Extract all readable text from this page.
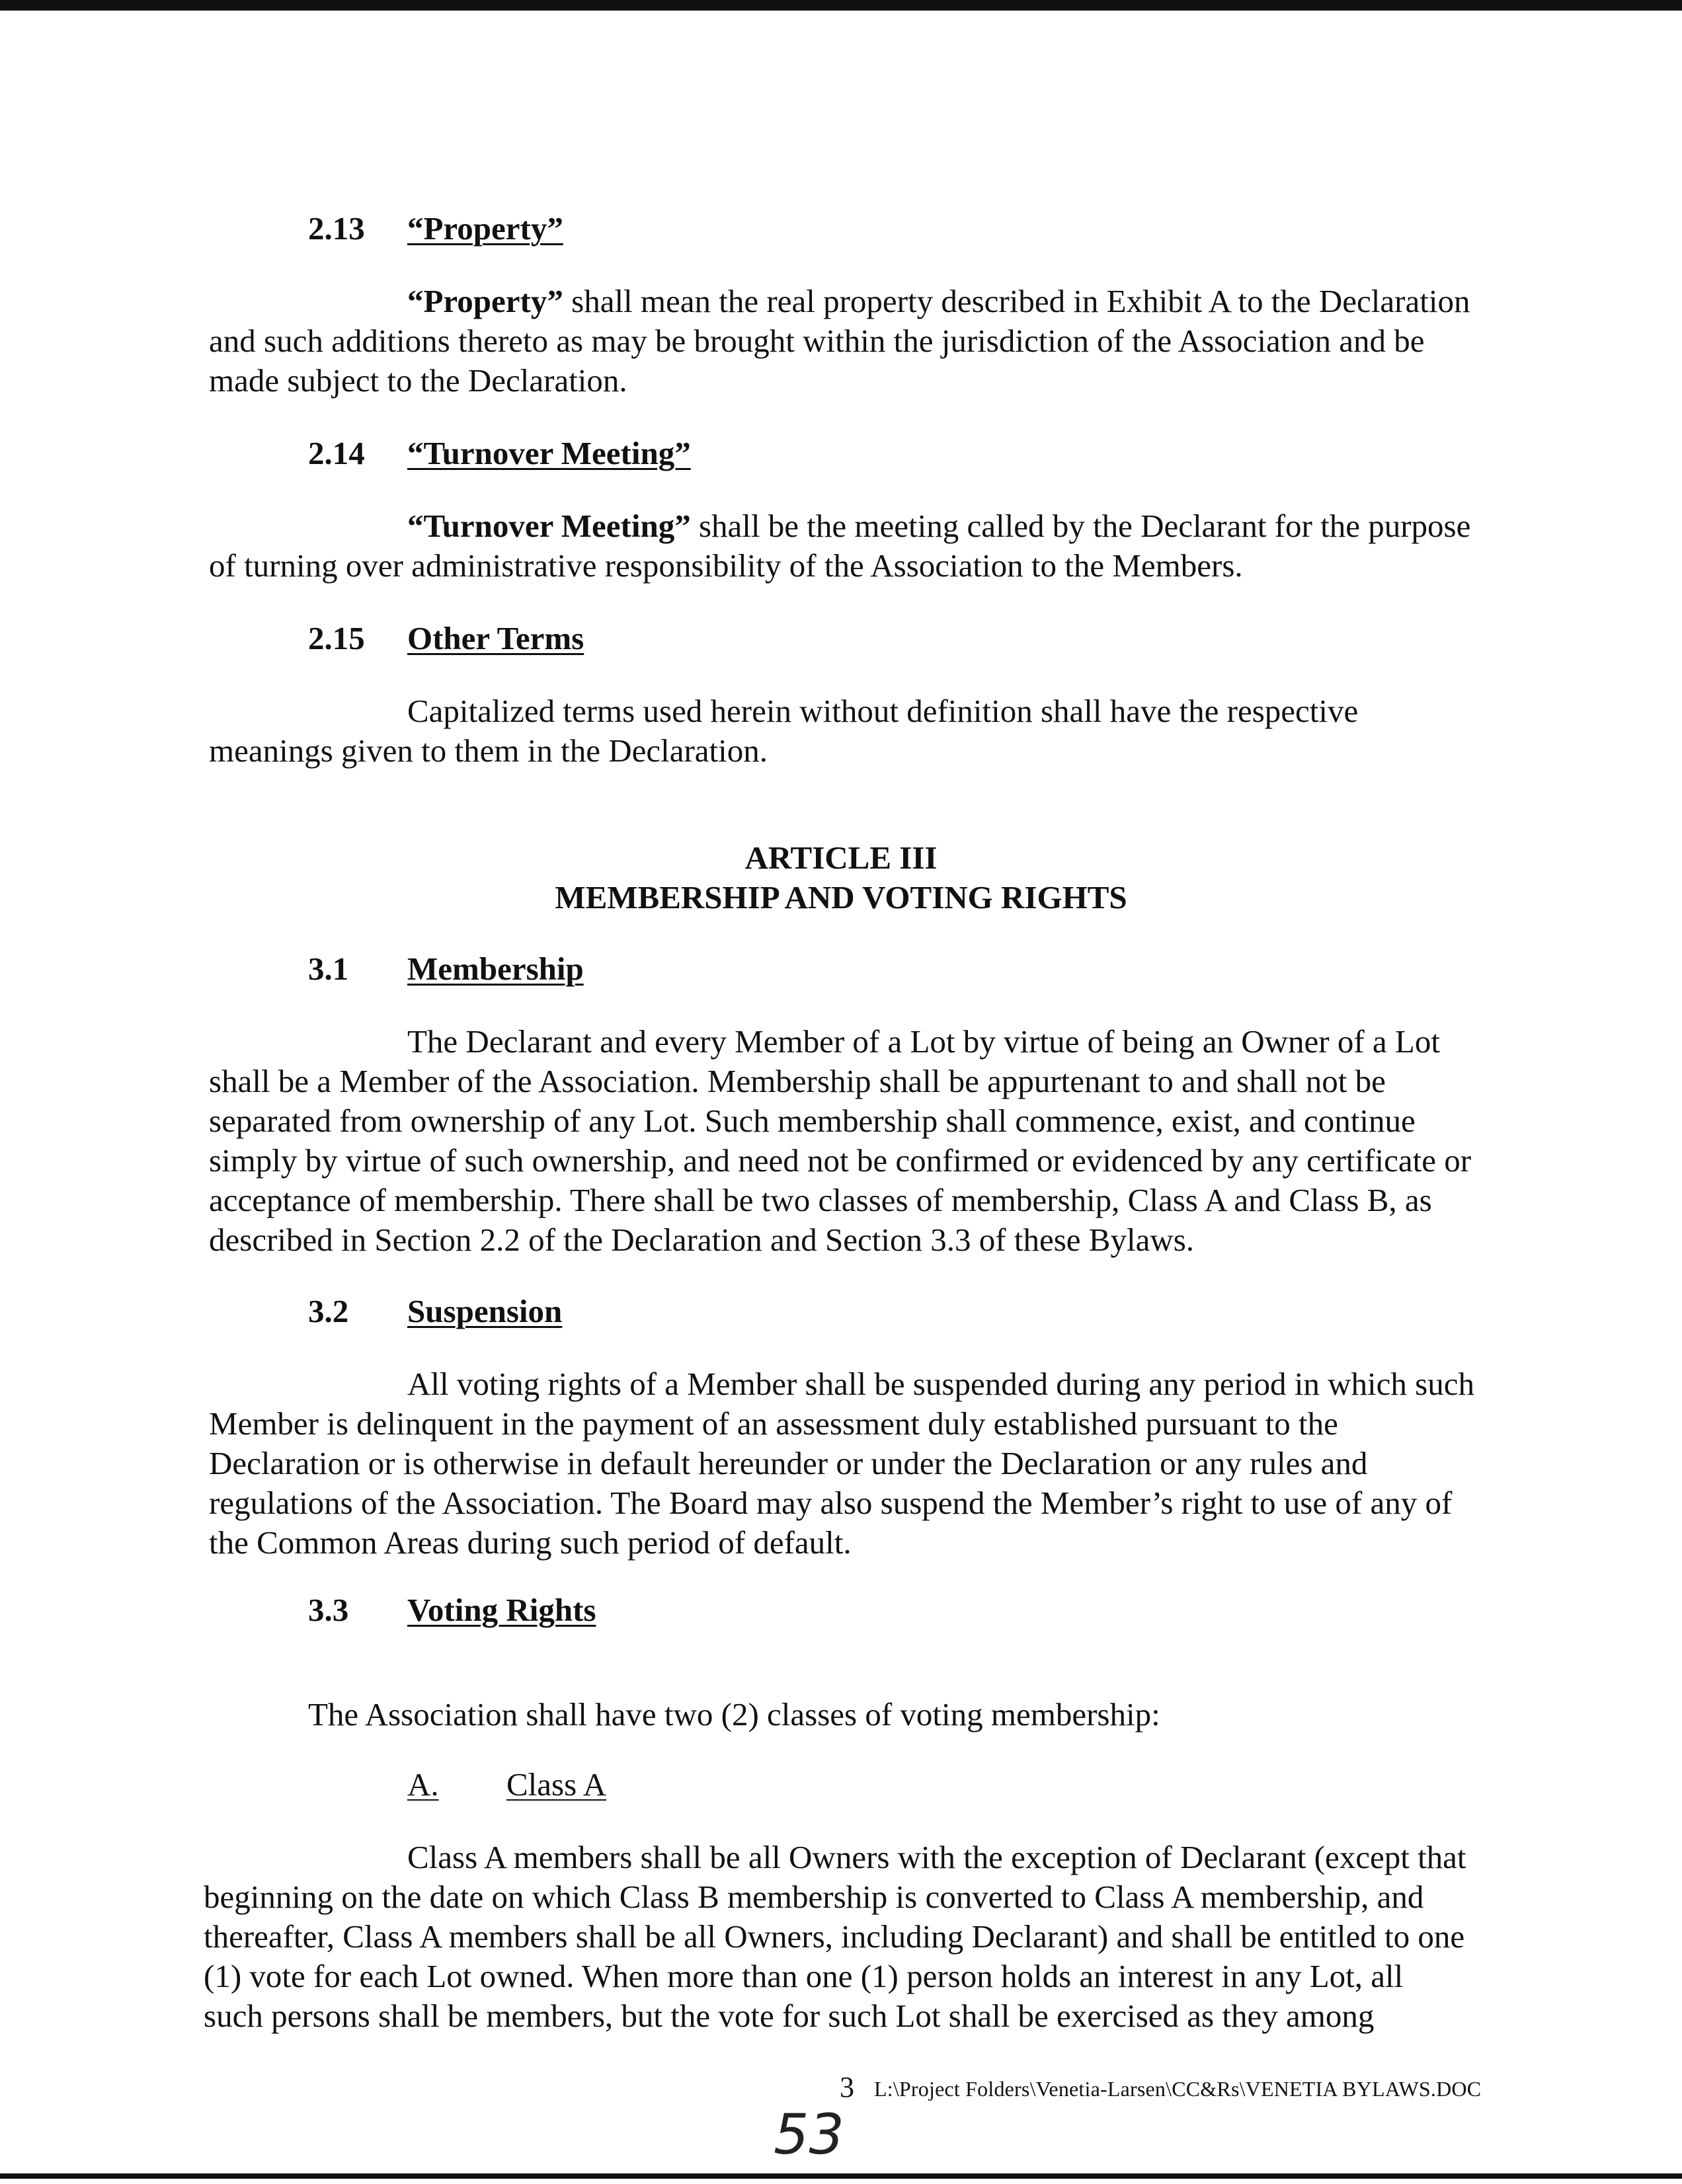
2.13 “Property”
“Property” shall mean the real property described in Exhibit A to the Declaration
and such additions thereto as may be brought within the jurisdiction of the Association and be
made subject to the Declaration.
2.14 “Turnover Meeting”
“Turnover Meeting” shall be the meeting called by the Declarant for the purpose
of turning over administrative responsibility of the Association to the Members.
2.15 Other Terms
Capitalized terms used herein without definition shall have the respective
meanings given to them in the Declaration.
ARTICLE III
MEMBERSHIP AND VOTING RIGHTS
3.1 Membership
The Declarant and every Member of a Lot by virtue of being an Owner of a Lot
shall be a Member of the Association. Membership shall be appurtenant to and shall not be
separated from ownership of any Lot. Such membership shall commence, exist, and continue
simply by virtue of such ownership, and need not be confirmed or evidenced by any certificate or
acceptance of membership. There shall be two classes of membership, Class A and Class B, as
described in Section 2.2 of the Declaration and Section 3.3 of these Bylaws.
3.2 Suspension
All voting rights of a Member shall be suspended during any period in which such
Member is delinquent in the payment of an assessment duly established pursuant to the
Declaration or is otherwise in default hereunder or under the Declaration or any rules and
regulations of the Association. The Board may also suspend the Member’s right to use of any of
the Common Areas during such period of default.
3.3 Voting Rights
The Association shall have two (2) classes of voting membership:
A. Class A
Class A members shall be all Owners with the exception of Declarant (except that
beginning on the date on which Class B membership is converted to Class A membership, and
thereafter, Class A members shall be all Owners, including Declarant) and shall be entitled to one
(1) vote for each Lot owned. When more than one (1) person holds an interest in any Lot, all
such persons shall be members, but the vote for such Lot shall be exercised as they among
3 L:\Project Folders\Venetia-Larsen\CC&Rs\VENETIA BYLAWS.DOC
53
